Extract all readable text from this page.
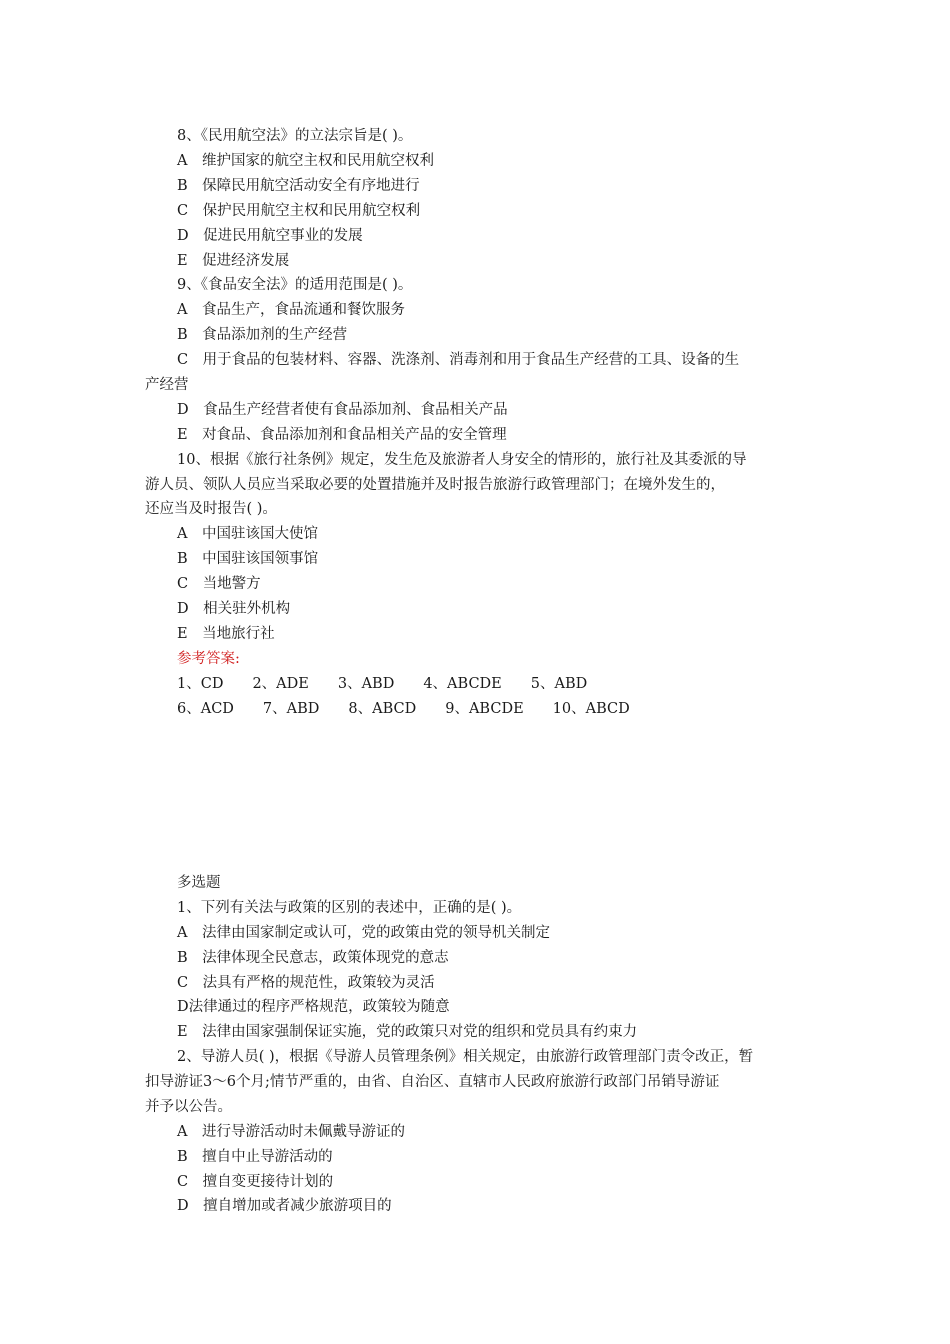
8、《民用航空法》的立法宗旨是( )。
A　维护国家的航空主权和民用航空权利
B　保障民用航空活动安全有序地进行
C　保护民用航空主权和民用航空权利
D　促进民用航空事业的发展
E　促进经济发展
9、《食品安全法》的适用范围是( )。
A　食品生产，食品流通和餐饮服务
B　食品添加剂的生产经营
C　用于食品的包装材料、容器、洗涤剂、消毒剂和用于食品生产经营的工具、设备的生
产经营
D　食品生产经营者使有食品添加剂、食品相关产品
E　对食品、食品添加剂和食品相关产品的安全管理
10、根据《旅行社条例》规定，发生危及旅游者人身安全的情形的，旅行社及其委派的导
游人员、领队人员应当采取必要的处置措施并及时报告旅游行政管理部门；在境外发生的，
还应当及时报告( )。
A　中国驻该国大使馆
B　中国驻该国领事馆
C　当地警方
D　相关驻外机构
E　当地旅行社
参考答案:
1、CD　　2、ADE　　3、ABD　　4、ABCDE　　5、ABD
6、ACD　　7、ABD　　8、ABCD　　9、ABCDE　　10、ABCD
多选题
1、下列有关法与政策的区别的表述中，正确的是( )。
A　法律由国家制定或认可，党的政策由党的领导机关制定
B　法律体现全民意志，政策体现党的意志
C　法具有严格的规范性，政策较为灵活
D法律通过的程序严格规范，政策较为随意
E　法律由国家强制保证实施，党的政策只对党的组织和党员具有约束力
2、导游人员( )，根据《导游人员管理条例》相关规定，由旅游行政管理部门责令改正，暂
扣导游证3～6个月;情节严重的，由省、自治区、直辖市人民政府旅游行政部门吊销导游证
并予以公告。
A　进行导游活动时未佩戴导游证的
B　擅自中止导游活动的
C　擅自变更接待计划的
D　擅自增加或者减少旅游项目的
